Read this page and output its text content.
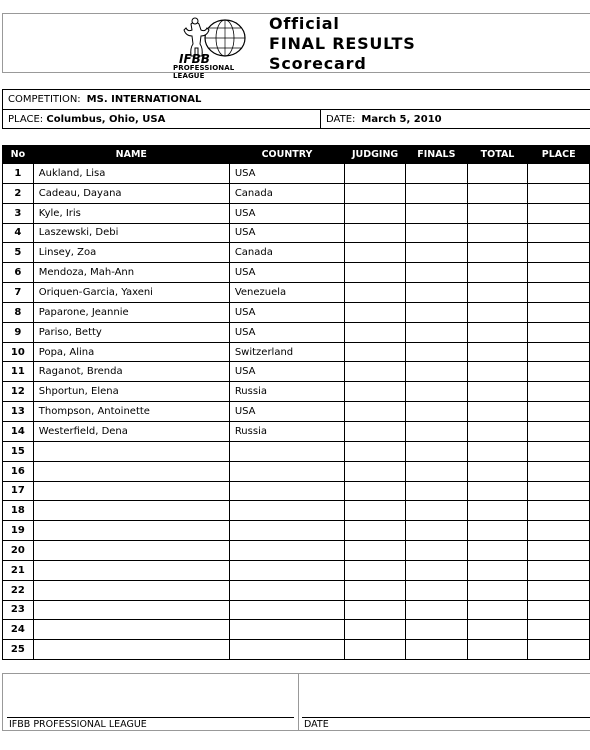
IFBB
PROFESSIONAL LEAGUE
Official
FINAL RESULTS
Scorecard
COMPETITION: MS. INTERNATIONAL
PLACE: Columbus, Ohio, USA	DATE: March 5, 2010
No	NAME	COUNTRY	JUDGING	FINALS	TOTAL	PLACE
1	Aukland, Lisa	USA				
2	Cadeau, Dayana	Canada				
3	Kyle, Iris	USA				
4	Laszewski, Debi	USA				
5	Linsey, Zoa	Canada				
6	Mendoza, Mah-Ann	USA				
7	Oriquen-Garcia, Yaxeni	Venezuela				
8	Paparone, Jeannie	USA				
9	Pariso, Betty	USA				
10	Popa, Alina	Switzerland				
11	Raganot, Brenda	USA				
12	Shportun, Elena	Russia				
13	Thompson, Antoinette	USA				
14	Westerfield, Dena	Russia				
15						
16						
17						
18						
19						
20						
21						
22						
23						
24						
25						
IFBB PROFESSIONAL LEAGUE	DATE
